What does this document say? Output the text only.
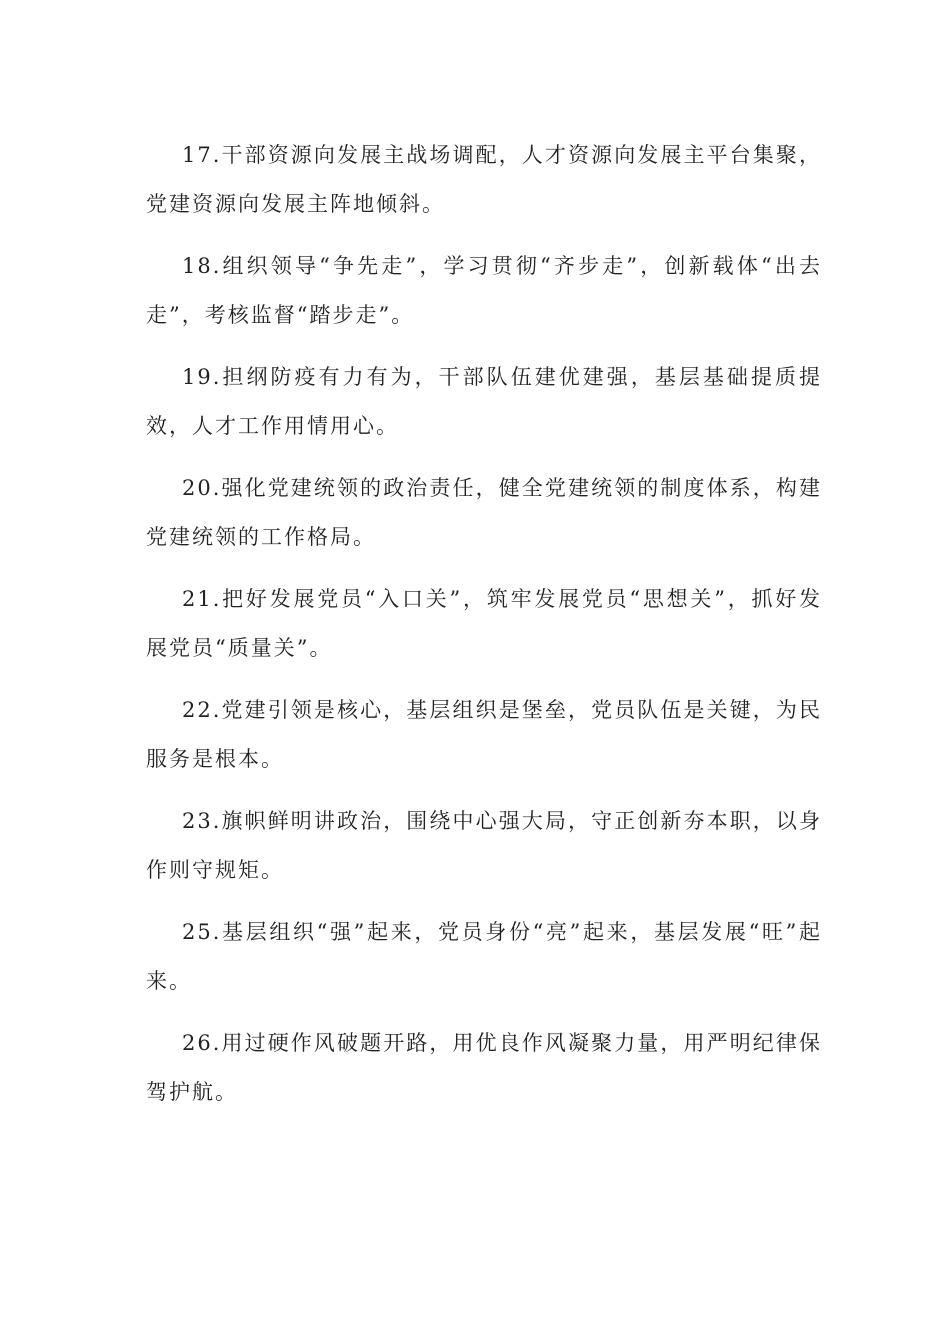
17.干部资源向发展主战场调配，人才资源向发展主平台集聚，党建资源向发展主阵地倾斜。

18.组织领导“争先走”，学习贯彻“齐步走”，创新载体“出去走”，考核监督“踏步走”。

19.担纲防疫有力有为，干部队伍建优建强，基层基础提质提效，人才工作用情用心。

20.强化党建统领的政治责任，健全党建统领的制度体系，构建党建统领的工作格局。

21.把好发展党员“入口关”，筑牢发展党员“思想关”，抓好发展党员“质量关”。

22.党建引领是核心，基层组织是堡垒，党员队伍是关键，为民服务是根本。

23.旗帜鲜明讲政治，围绕中心强大局，守正创新夯本职，以身作则守规矩。

25.基层组织“强”起来，党员身份“亮”起来，基层发展“旺”起来。

26.用过硬作风破题开路，用优良作风凝聚力量，用严明纪律保驾护航。
